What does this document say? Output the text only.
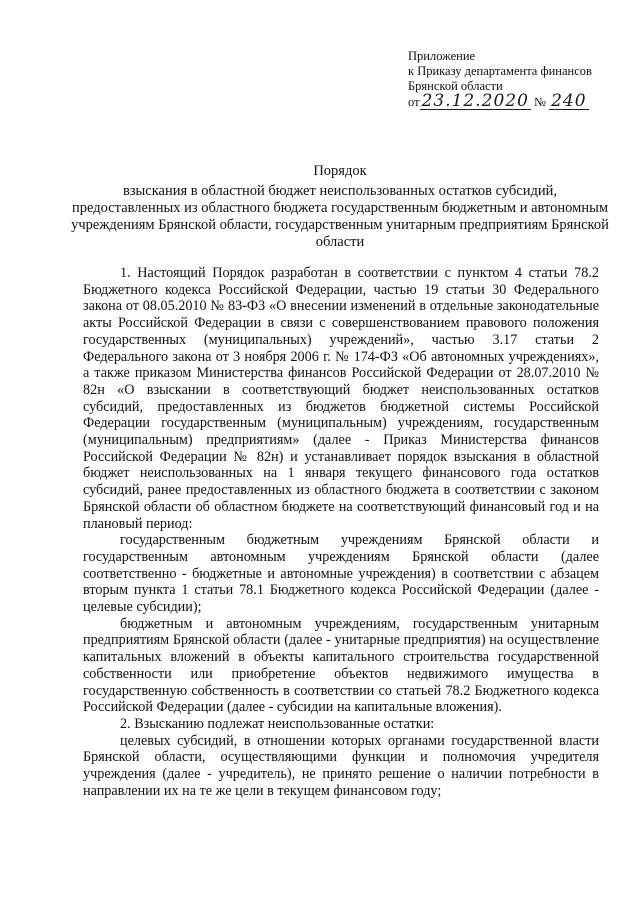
Приложение
к Приказу департамента финансов
Брянской области
от 23.12.2020 № 240
Порядок
взыскания в областной бюджет неиспользованных остатков субсидий, предоставленных из областного бюджета государственным бюджетным и автономным учреждениям Брянской области, государственным унитарным предприятиям Брянской области

1. Настоящий Порядок разработан в соответствии с пунктом 4 статьи 78.2 Бюджетного кодекса Российской Федерации, частью 19 статьи 30 Федерального закона от 08.05.2010 № 83-ФЗ «О внесении изменений в отдельные законодательные акты Российской Федерации в связи с совершенствованием правового положения государственных (муниципальных) учреждений», частью 3.17 статьи 2 Федерального закона от 3 ноября 2006 г. № 174-ФЗ «Об автономных учреждениях», а также приказом Министерства финансов Российской Федерации от 28.07.2010 № 82н «О взыскании в соответствующий бюджет неиспользованных остатков субсидий, предоставленных из бюджетов бюджетной системы Российской Федерации государственным (муниципальным) учреждениям, государственным (муниципальным) предприятиям» (далее - Приказ Министерства финансов Российской Федерации № 82н) и устанавливает порядок взыскания в областной бюджет неиспользованных на 1 января текущего финансового года остатков субсидий, ранее предоставленных из областного бюджета в соответствии с законом Брянской области об областном бюджете на соответствующий финансовый год и на плановый период:

государственным бюджетным учреждениям Брянской области и государственным автономным учреждениям Брянской области (далее соответственно - бюджетные и автономные учреждения) в соответствии с абзацем вторым пункта 1 статьи 78.1 Бюджетного кодекса Российской Федерации (далее - целевые субсидии);

бюджетным и автономным учреждениям, государственным унитарным предприятиям Брянской области (далее - унитарные предприятия) на осуществление капитальных вложений в объекты капитального строительства государственной собственности или приобретение объектов недвижимого имущества в государственную собственность в соответствии со статьей 78.2 Бюджетного кодекса Российской Федерации (далее - субсидии на капитальные вложения).

2. Взысканию подлежат неиспользованные остатки:

целевых субсидий, в отношении которых органами государственной власти Брянской области, осуществляющими функции и полномочия учредителя учреждения (далее - учредитель), не принято решение о наличии потребности в направлении их на те же цели в текущем финансовом году;
